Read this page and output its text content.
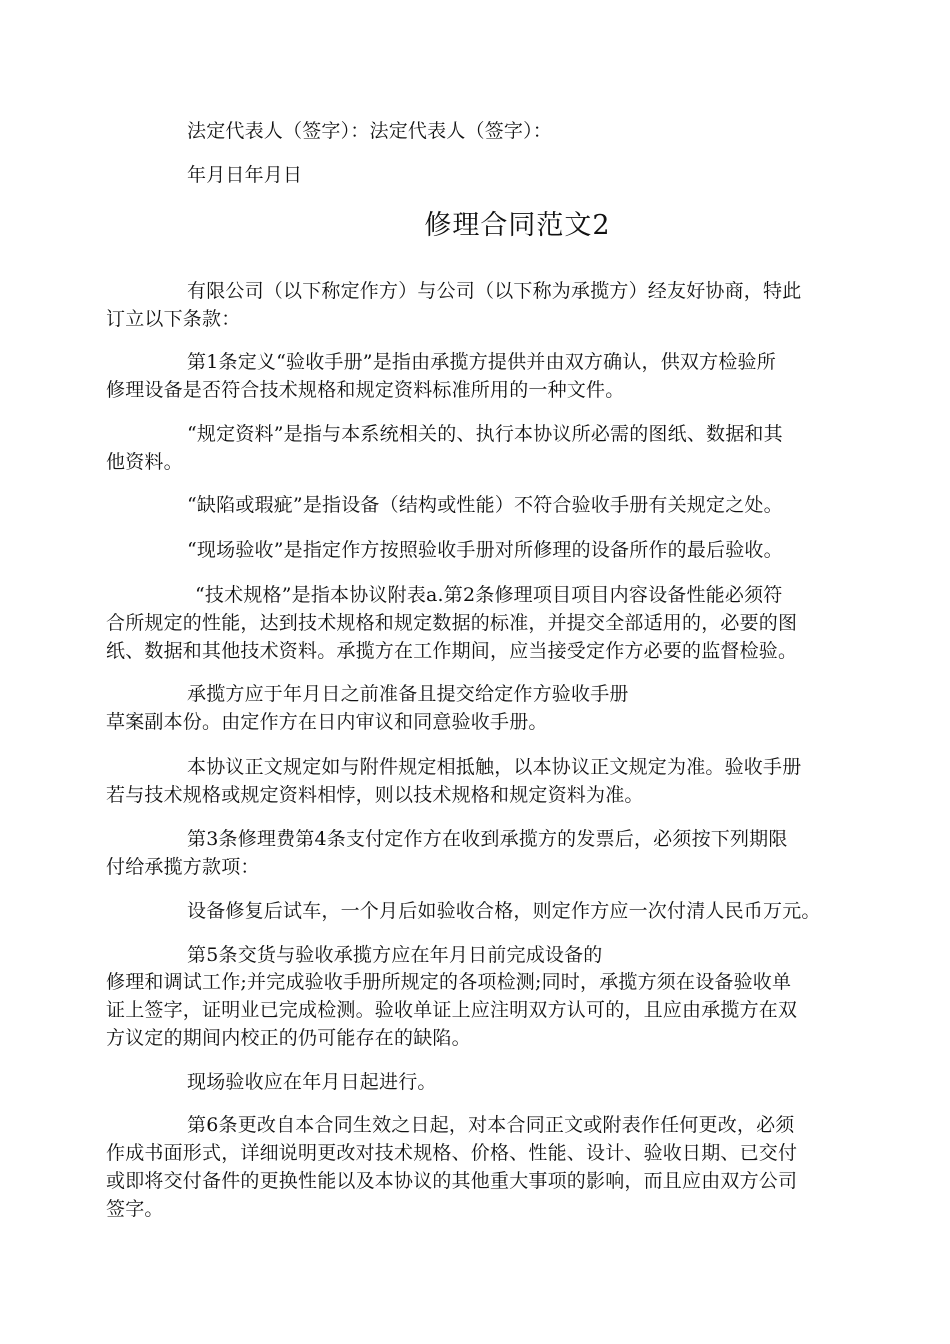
法定代表人（签字）：法定代表人（签字）：
年月日年月日
修理合同范文2
有限公司（以下称定作方）与公司（以下称为承揽方）经友好协商，特此
订立以下条款：
第1条定义“验收手册”是指由承揽方提供并由双方确认，供双方检验所
修理设备是否符合技术规格和规定资料标准所用的一种文件。
“规定资料”是指与本系统相关的、执行本协议所必需的图纸、数据和其
他资料。
“缺陷或瑕疵”是指设备（结构或性能）不符合验收手册有关规定之处。
“现场验收”是指定作方按照验收手册对所修理的设备所作的最后验收。
“技术规格”是指本协议附表a.第2条修理项目项目内容设备性能必须符
合所规定的性能，达到技术规格和规定数据的标准，并提交全部适用的，必要的图
纸、数据和其他技术资料。承揽方在工作期间，应当接受定作方必要的监督检验。
承揽方应于年月日之前准备且提交给定作方验收手册
草案副本份。由定作方在日内审议和同意验收手册。
本协议正文规定如与附件规定相抵触，以本协议正文规定为准。验收手册
若与技术规格或规定资料相悖，则以技术规格和规定资料为准。
第3条修理费第4条支付定作方在收到承揽方的发票后，必须按下列期限
付给承揽方款项：
设备修复后试车，一个月后如验收合格，则定作方应一次付清人民币万元。
第5条交货与验收承揽方应在年月日前完成设备的
修理和调试工作;并完成验收手册所规定的各项检测;同时，承揽方须在设备验收单
证上签字，证明业已完成检测。验收单证上应注明双方认可的，且应由承揽方在双
方议定的期间内校正的仍可能存在的缺陷。
现场验收应在年月日起进行。
第6条更改自本合同生效之日起，对本合同正文或附表作任何更改，必须
作成书面形式，详细说明更改对技术规格、价格、性能、设计、验收日期、已交付
或即将交付备件的更换性能以及本协议的其他重大事项的影响，而且应由双方公司
签字。
